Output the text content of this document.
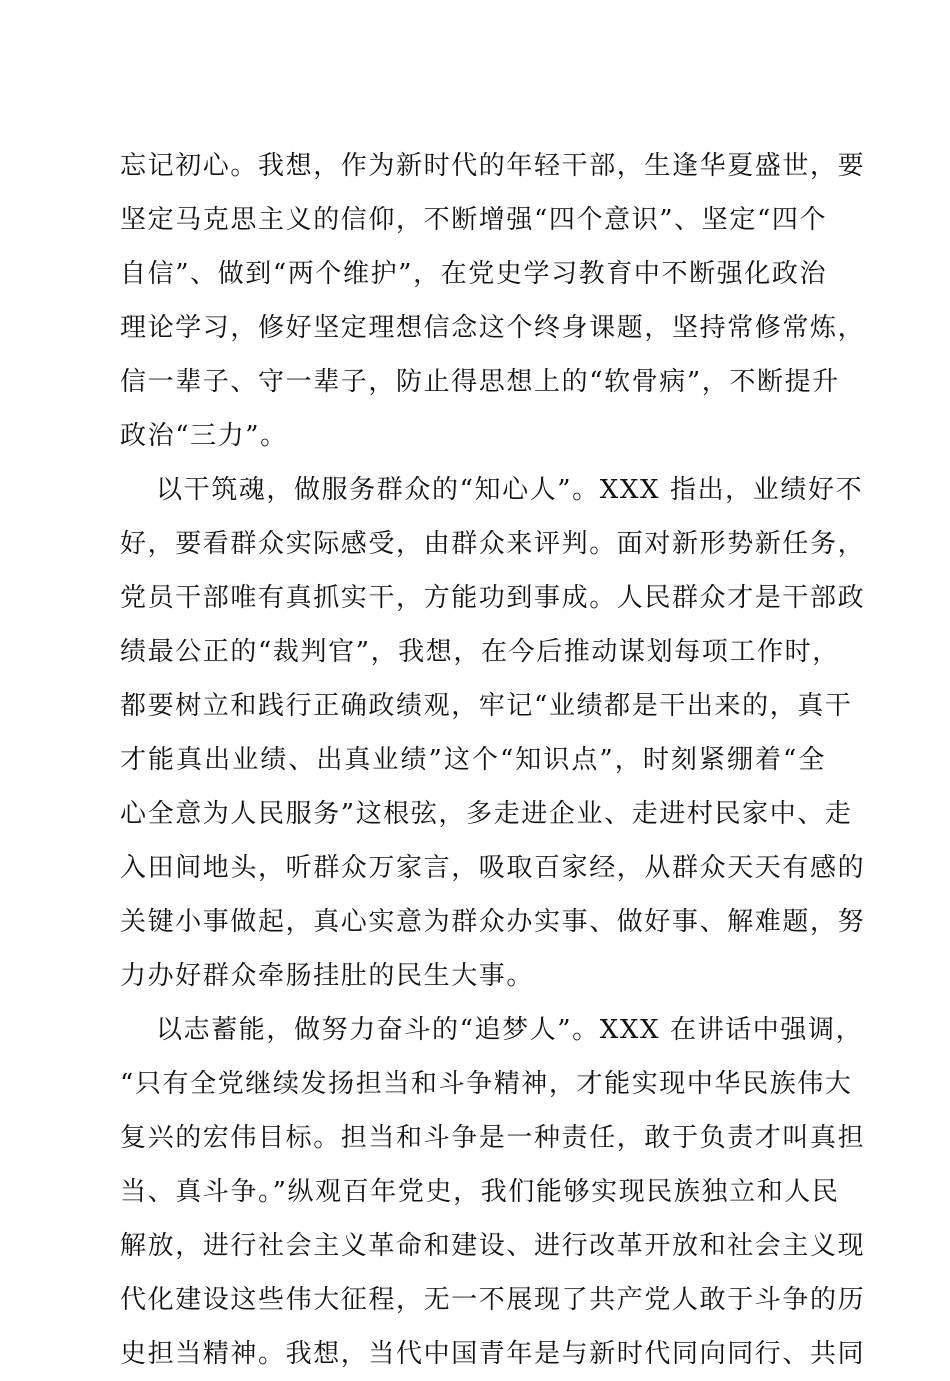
忘记初心。我想，作为新时代的年轻干部，生逢华夏盛世，要
坚定马克思主义的信仰，不断增强“四个意识”、坚定“四个
自信”、做到“两个维护”，在党史学习教育中不断强化政治
理论学习，修好坚定理想信念这个终身课题，坚持常修常炼，
信一辈子、守一辈子，防止得思想上的“软骨病”，不断提升
政治“三力”。
以干筑魂，做服务群众的“知心人”。XXX 指出，业绩好不
好，要看群众实际感受，由群众来评判。面对新形势新任务，
党员干部唯有真抓实干，方能功到事成。人民群众才是干部政
绩最公正的“裁判官”，我想，在今后推动谋划每项工作时，
都要树立和践行正确政绩观，牢记“业绩都是干出来的，真干
才能真出业绩、出真业绩”这个“知识点”，时刻紧绷着“全
心全意为人民服务”这根弦，多走进企业、走进村民家中、走
入田间地头，听群众万家言，吸取百家经，从群众天天有感的
关键小事做起，真心实意为群众办实事、做好事、解难题，努
力办好群众牵肠挂肚的民生大事。
以志蓄能，做努力奋斗的“追梦人”。XXX 在讲话中强调，
“只有全党继续发扬担当和斗争精神，才能实现中华民族伟大
复兴的宏伟目标。担当和斗争是一种责任，敢于负责才叫真担
当、真斗争。”纵观百年党史，我们能够实现民族独立和人民
解放，进行社会主义革命和建设、进行改革开放和社会主义现
代化建设这些伟大征程，无一不展现了共产党人敢于斗争的历
史担当精神。我想，当代中国青年是与新时代同向同行、共同
